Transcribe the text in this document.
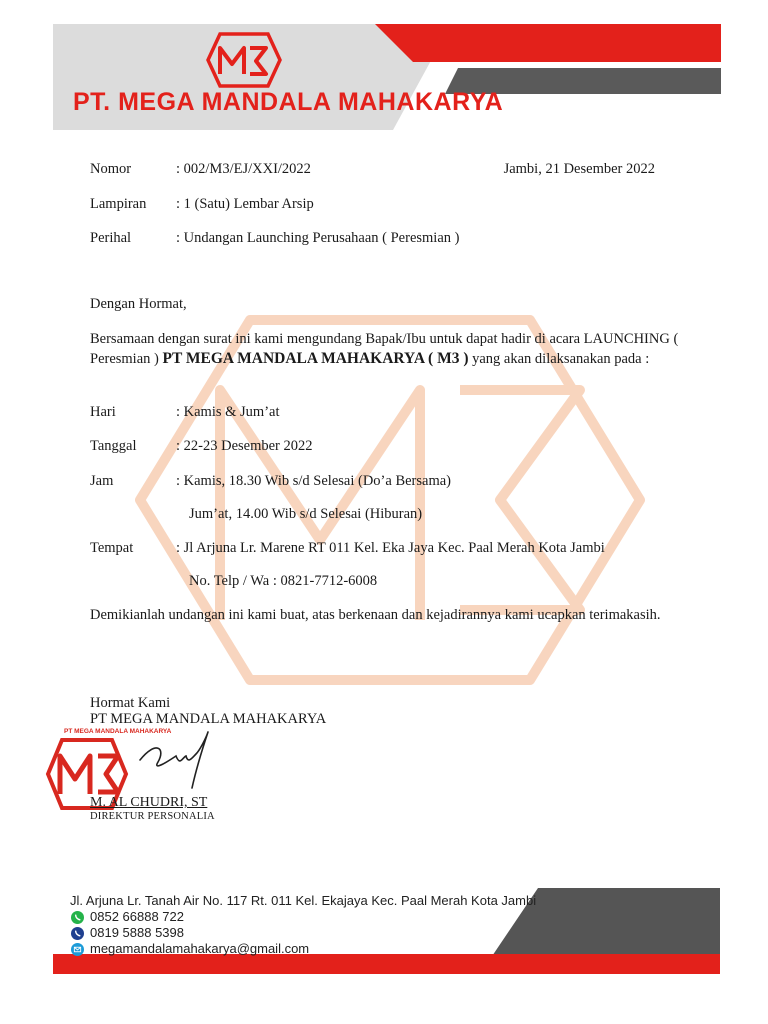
PT. MEGA MANDALA MAHAKARYA
Nomor	: 002/M3/EJ/XXI/2022	Jambi, 21 Desember 2022
Lampiran : 1 (Satu) Lembar Arsip
Perihal	: Undangan Launching Perusahaan ( Peresmian )
Dengan Hormat,
Bersamaan dengan surat ini kami mengundang Bapak/Ibu untuk dapat hadir di acara LAUNCHING ( Peresmian ) PT MEGA MANDALA MAHAKARYA ( M3 ) yang akan dilaksanakan pada :
Hari	: Kamis & Jum’at
Tanggal	: 22-23 Desember 2022
Jam	: Kamis, 18.30 Wib s/d Selesai (Do’a Bersama)
Jum’at, 14.00 Wib s/d Selesai (Hiburan)
Tempat	: Jl Arjuna Lr. Marene RT 011 Kel. Eka Jaya Kec. Paal Merah Kota Jambi
No. Telp / Wa : 0821-7712-6008
Demikianlah undangan ini kami buat, atas berkenaan dan kejadirannya kami ucapkan terimakasih.
Hormat Kami
PT MEGA MANDALA MAHAKARYA
PT MEGA MANDALA MAHAKARYA
M. AL CHUDRI, ST
DIREKTUR PERSONALIA
Jl. Arjuna Lr. Tanah Air No. 117 Rt. 011 Kel. Ekajaya Kec. Paal Merah Kota Jambi
0852 66888 722
0819 5888 5398
megamandalamahakarya@gmail.com
